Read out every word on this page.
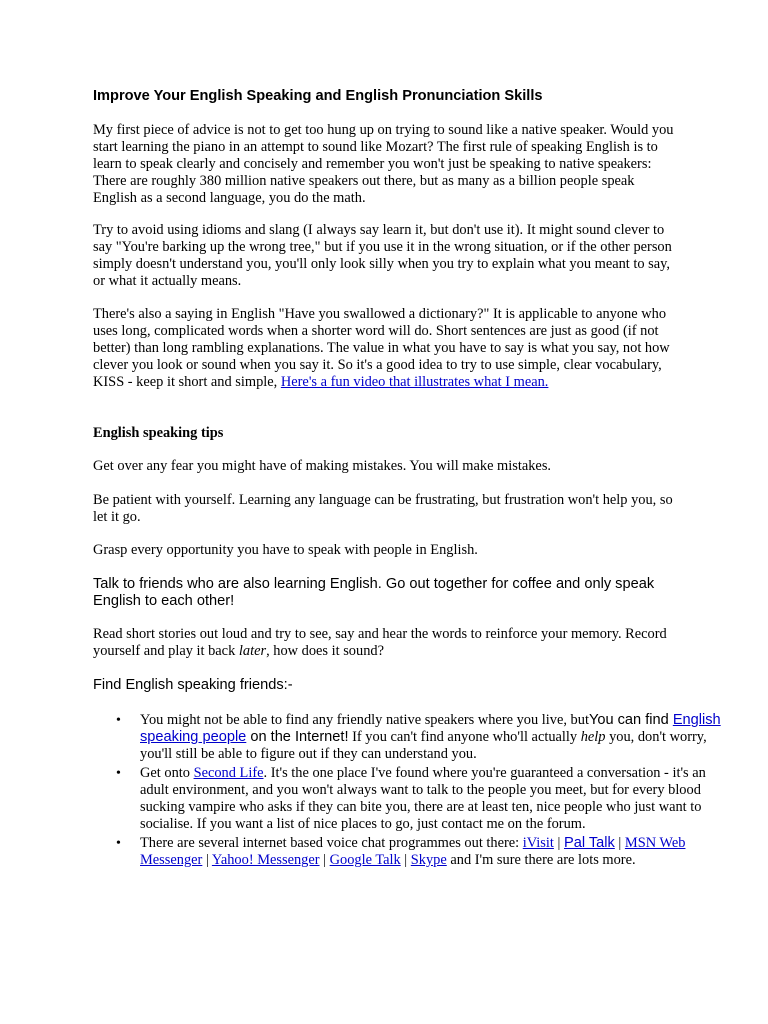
Improve Your English Speaking and English Pronunciation Skills

My first piece of advice is not to get too hung up on trying to sound like a native speaker. Would you start learning the piano in an attempt to sound like Mozart? The first rule of speaking English is to learn to speak clearly and concisely and remember you won't just be speaking to native speakers: There are roughly 380 million native speakers out there, but as many as a billion people speak English as a second language, you do the math.

Try to avoid using idioms and slang (I always say learn it, but don't use it). It might sound clever to say "You're barking up the wrong tree," but if you use it in the wrong situation, or if the other person simply doesn't understand you, you'll only look silly when you try to explain what you meant to say, or what it actually means.

There's also a saying in English "Have you swallowed a dictionary?" It is applicable to anyone who uses long, complicated words when a shorter word will do. Short sentences are just as good (if not better) than long rambling explanations. The value in what you have to say is what you say, not how clever you look or sound when you say it. So it's a good idea to try to use simple, clear vocabulary, KISS - keep it short and simple, Here's a fun video that illustrates what I mean.

English speaking tips

Get over any fear you might have of making mistakes. You will make mistakes.

Be patient with yourself. Learning any language can be frustrating, but frustration won't help you, so let it go.

Grasp every opportunity you have to speak with people in English.

Talk to friends who are also learning English. Go out together for coffee and only speak English to each other!

Read short stories out loud and try to see, say and hear the words to reinforce your memory. Record yourself and play it back later, how does it sound?

Find English speaking friends:-

• You might not be able to find any friendly native speakers where you live, butYou can find English speaking people on the Internet! If you can't find anyone who'll actually help you, don't worry, you'll still be able to figure out if they can understand you.
• Get onto Second Life. It's the one place I've found where you're guaranteed a conversation - it's an adult environment, and you won't always want to talk to the people you meet, but for every blood sucking vampire who asks if they can bite you, there are at least ten, nice people who just want to socialise. If you want a list of nice places to go, just contact me on the forum.
• There are several internet based voice chat programmes out there: iVisit | Pal Talk | MSN Web Messenger | Yahoo! Messenger | Google Talk | Skype and I'm sure there are lots more.
